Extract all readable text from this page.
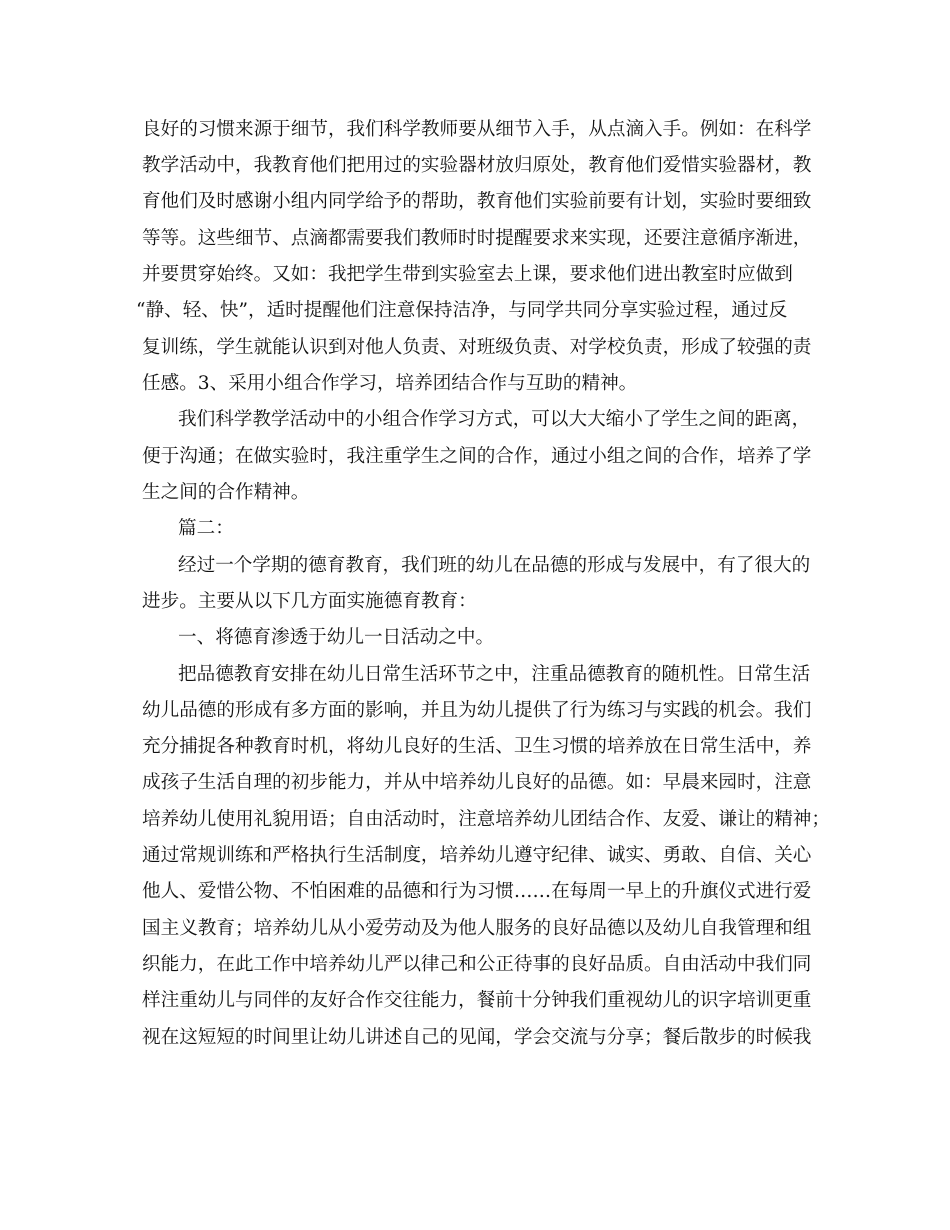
良好的习惯来源于细节，我们科学教师要从细节入手，从点滴入手。例如：在科学
教学活动中，我教育他们把用过的实验器材放归原处，教育他们爱惜实验器材，教
育他们及时感谢小组内同学给予的帮助，教育他们实验前要有计划，实验时要细致
等等。这些细节、点滴都需要我们教师时时提醒要求来实现，还要注意循序渐进，
并要贯穿始终。又如：我把学生带到实验室去上课，要求他们进出教室时应做到
“静、轻、快”，适时提醒他们注意保持洁净，与同学共同分享实验过程，通过反
复训练，学生就能认识到对他人负责、对班级负责、对学校负责，形成了较强的责
任感。3、采用小组合作学习，培养团结合作与互助的精神。
我们科学教学活动中的小组合作学习方式，可以大大缩小了学生之间的距离，
便于沟通；在做实验时，我注重学生之间的合作，通过小组之间的合作，培养了学
生之间的合作精神。
篇二：
经过一个学期的德育教育，我们班的幼儿在品德的形成与发展中，有了很大的
进步。主要从以下几方面实施德育教育：
一、将德育渗透于幼儿一日活动之中。
把品德教育安排在幼儿日常生活环节之中，注重品德教育的随机性。日常生活
幼儿品德的形成有多方面的影响，并且为幼儿提供了行为练习与实践的机会。我们
充分捕捉各种教育时机，将幼儿良好的生活、卫生习惯的培养放在日常生活中，养
成孩子生活自理的初步能力，并从中培养幼儿良好的品德。如：早晨来园时，注意
培养幼儿使用礼貌用语；自由活动时，注意培养幼儿团结合作、友爱、谦让的精神；
通过常规训练和严格执行生活制度，培养幼儿遵守纪律、诚实、勇敢、自信、关心
他人、爱惜公物、不怕困难的品德和行为习惯……在每周一早上的升旗仪式进行爱
国主义教育；培养幼儿从小爱劳动及为他人服务的良好品德以及幼儿自我管理和组
织能力，在此工作中培养幼儿严以律己和公正待事的良好品质。自由活动中我们同
样注重幼儿与同伴的友好合作交往能力，餐前十分钟我们重视幼儿的识字培训更重
视在这短短的时间里让幼儿讲述自己的见闻，学会交流与分享；餐后散步的时候我
